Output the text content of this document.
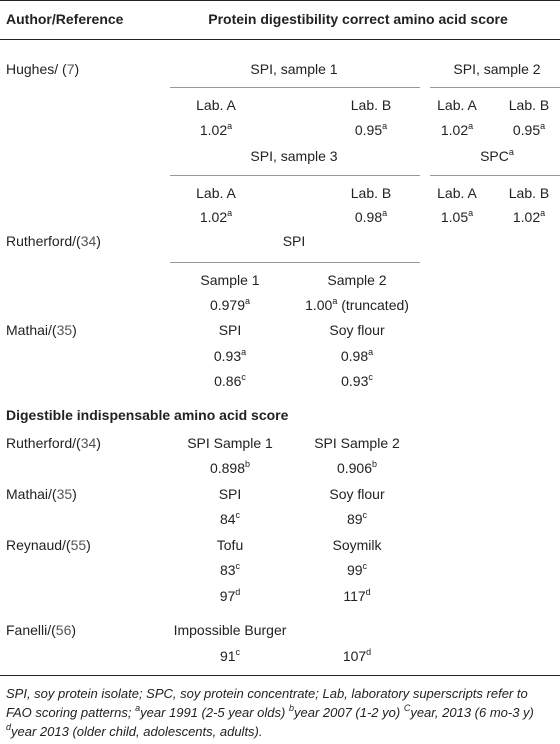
Author/Reference	Protein digestibility correct amino acid score
Hughes/ (7)	SPI, sample 1	SPI, sample 2
Lab. A	Lab. B	Lab. A Lab. B
1.02$^a$	0.95$^a$	1.02$^a$	0.95$^a$
SPI, sample 3	SPC$^a$
Lab. A	Lab. B	Lab. A Lab. B
1.02$^a$	0.98$^a$	1.05$^a$	1.02$^a$
Rutherford/(34)	SPI
Sample 1	Sample 2
0.979$^a$	1.00$^a$ (truncated)
Mathai/(35)	SPI	Soy flour
0.93$^a$	0.98$^a$
0.86$^c$	0.93$^c$
Digestible indispensable amino acid score
Rutherford/(34)	SPI Sample 1	SPI Sample 2
0.898$^b$	0.906$^b$
Mathai/(35)	SPI	Soy flour
84$^c$	89$^c$
Reynaud/(55)	Tofu	Soymilk
83$^c$	99$^c$
97$^d$	117$^d$
Fanelli/(56)	Impossible Burger
91$^c$	107$^d$
SPI, soy protein isolate; SPC, soy protein concentrate; Lab, laboratory superscripts refer to FAO scoring patterns; $^a$year 1991 (2-5 year olds) $^b$year 2007 (1-2 yo) $^C$year, 2013 (6 mo-3 y) $^d$year 2013 (older child, adolescents, adults).
